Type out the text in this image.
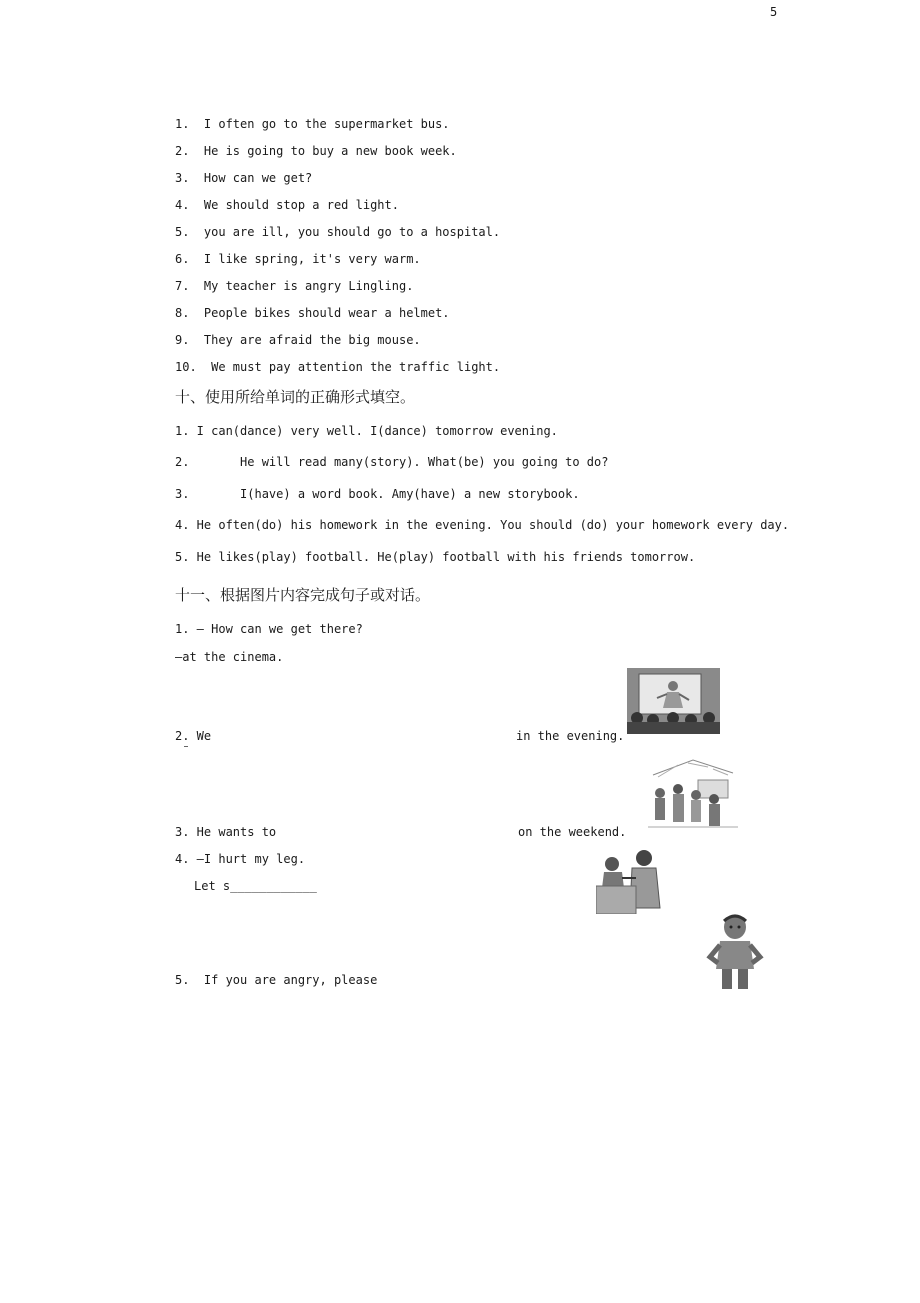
5
1.  I often go to the supermarket bus.
2.  He is going to buy a new book week.
3.  How can we get?
4.  We should stop a red light.
5.  you are ill, you should go to a hospital.
6.  I like spring, it's very warm.
7.  My teacher is angry Lingling.
8.  People bikes should wear a helmet.
9.  They are afraid the big mouse.
10.  We must pay attention the traffic light.
十、使用所给单词的正确形式填空。
1. I can(dance) very well. I(dance) tomorrow evening.
2.       He will read many(story). What(be) you going to do?
3.       I(have) a word book. Amy(have) a new storybook.
4. He often(do) his homework in the evening. You should (do) your homework every day.
5. He likes(play) football. He(play) football with his friends tomorrow.
十一、根据图片内容完成句子或对话。
1. — How can we get there?
—at the cinema.
2. We	in the evening.
3. He wants to	on the weekend.
4. —I hurt my leg.
Let s____________
5.  If you are angry, please
